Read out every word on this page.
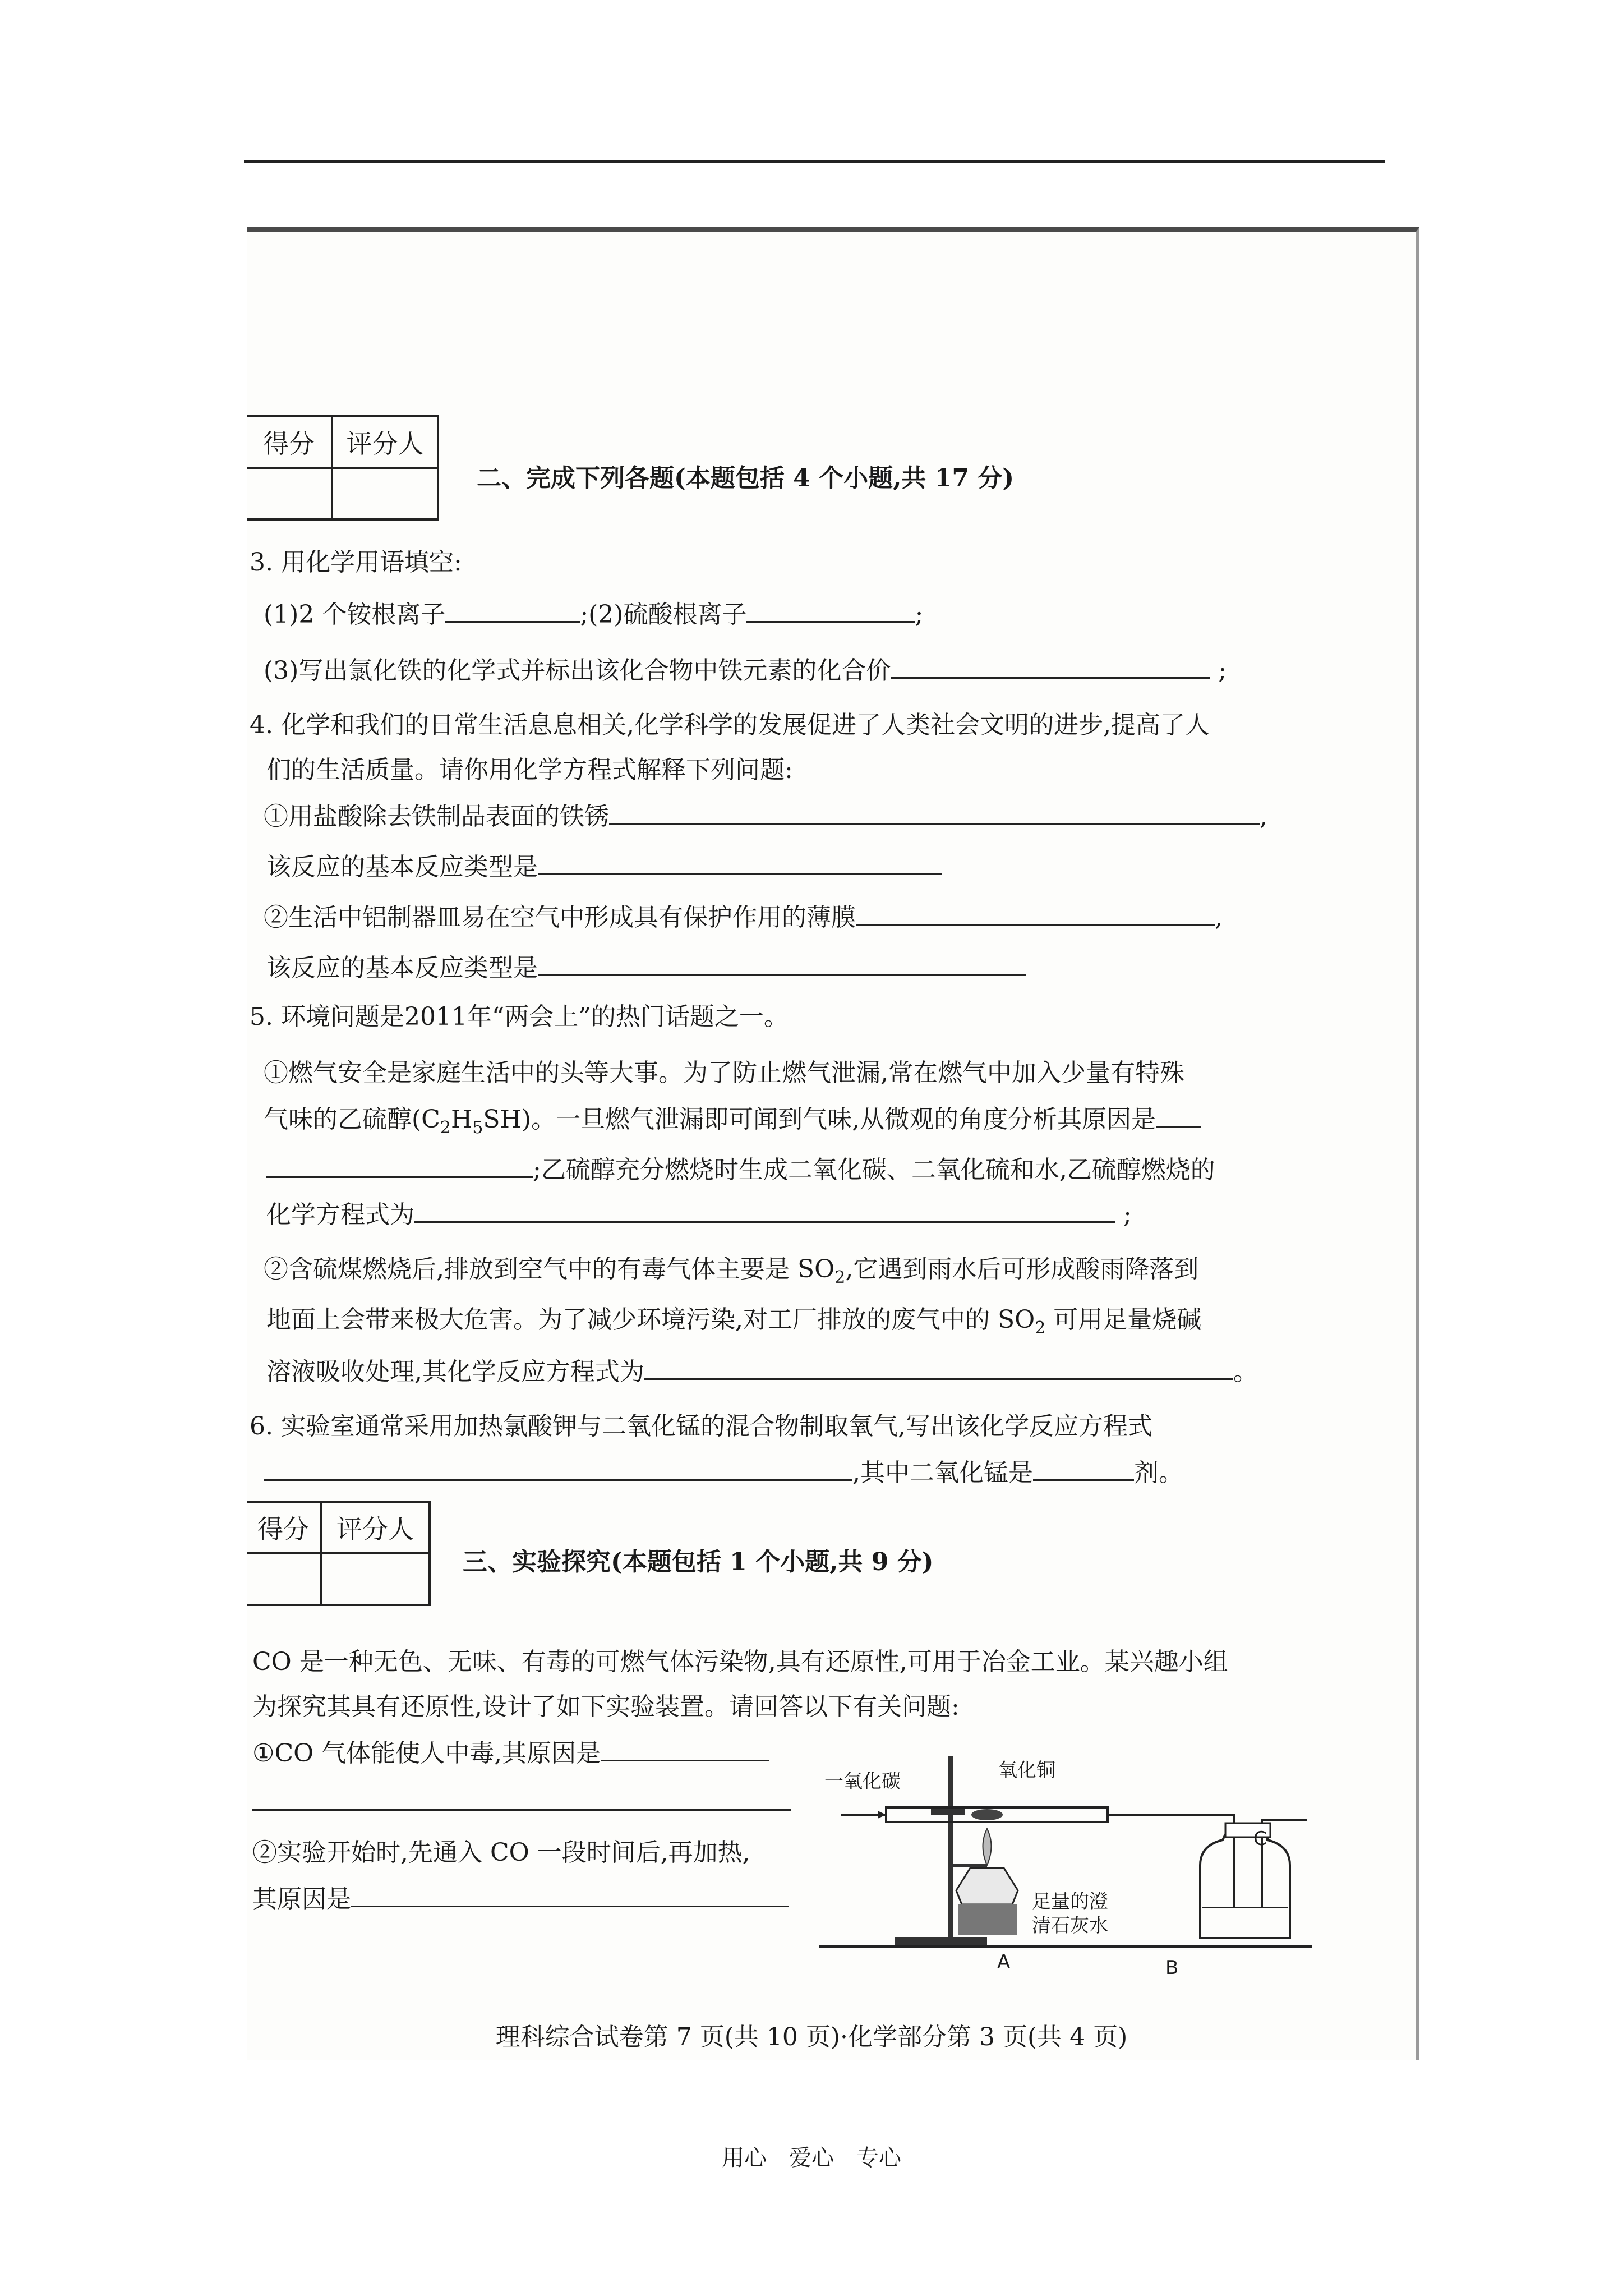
得分	评分人

二、完成下列各题(本题包括 4 个小题,共 17 分)
3. 用化学用语填空:
(1)2 个铵根离子	;(2)硫酸根离子	;
(3)写出氯化铁的化学式并标出该化合物中铁元素的化合价	;
4. 化学和我们的日常生活息息相关,化学科学的发展促进了人类社会文明的进步,提高了人
们的生活质量。请你用化学方程式解释下列问题:
①用盐酸除去铁制品表面的铁锈	,
该反应的基本反应类型是
②生活中铝制器皿易在空气中形成具有保护作用的薄膜	,
该反应的基本反应类型是
5. 环境问题是2011年“两会上”的热门话题之一。
①燃气安全是家庭生活中的头等大事。为了防止燃气泄漏,常在燃气中加入少量有特殊
气味的乙硫醇$(C_2H_5SH)$。一旦燃气泄漏即可闻到气味,从微观的角度分析其原因是
;乙硫醇充分燃烧时生成二氧化碳、二氧化硫和水,乙硫醇燃烧的
化学方程式为	;
②含硫煤燃烧后,排放到空气中的有毒气体主要是 $SO_2$,它遇到雨水后可形成酸雨降落到
地面上会带来极大危害。为了减少环境污染,对工厂排放的废气中的 $SO_2$ 可用足量烧碱
溶液吸收处理,其化学反应方程式为	。
6. 实验室通常采用加热氯酸钾与二氧化锰的混合物制取氧气,写出该化学反应方程式
,其中二氧化锰是	剂。
得分	评分人

三、实验探究(本题包括 1 个小题,共 9 分)
CO 是一种无色、无味、有毒的可燃气体污染物,具有还原性,可用于冶金工业。某兴趣小组
为探究其具有还原性,设计了如下实验装置。请回答以下有关问题:
①CO 气体能使人中毒,其原因是
②实验开始时,先通入 CO 一段时间后,再加热,
其原因是
一氧化碳	氧化铜
足量的澄
清石灰水
A	B
C
理科综合试卷第 7 页(共 10 页)·化学部分第 3 页(共 4 页)
用心　爱心　专心
